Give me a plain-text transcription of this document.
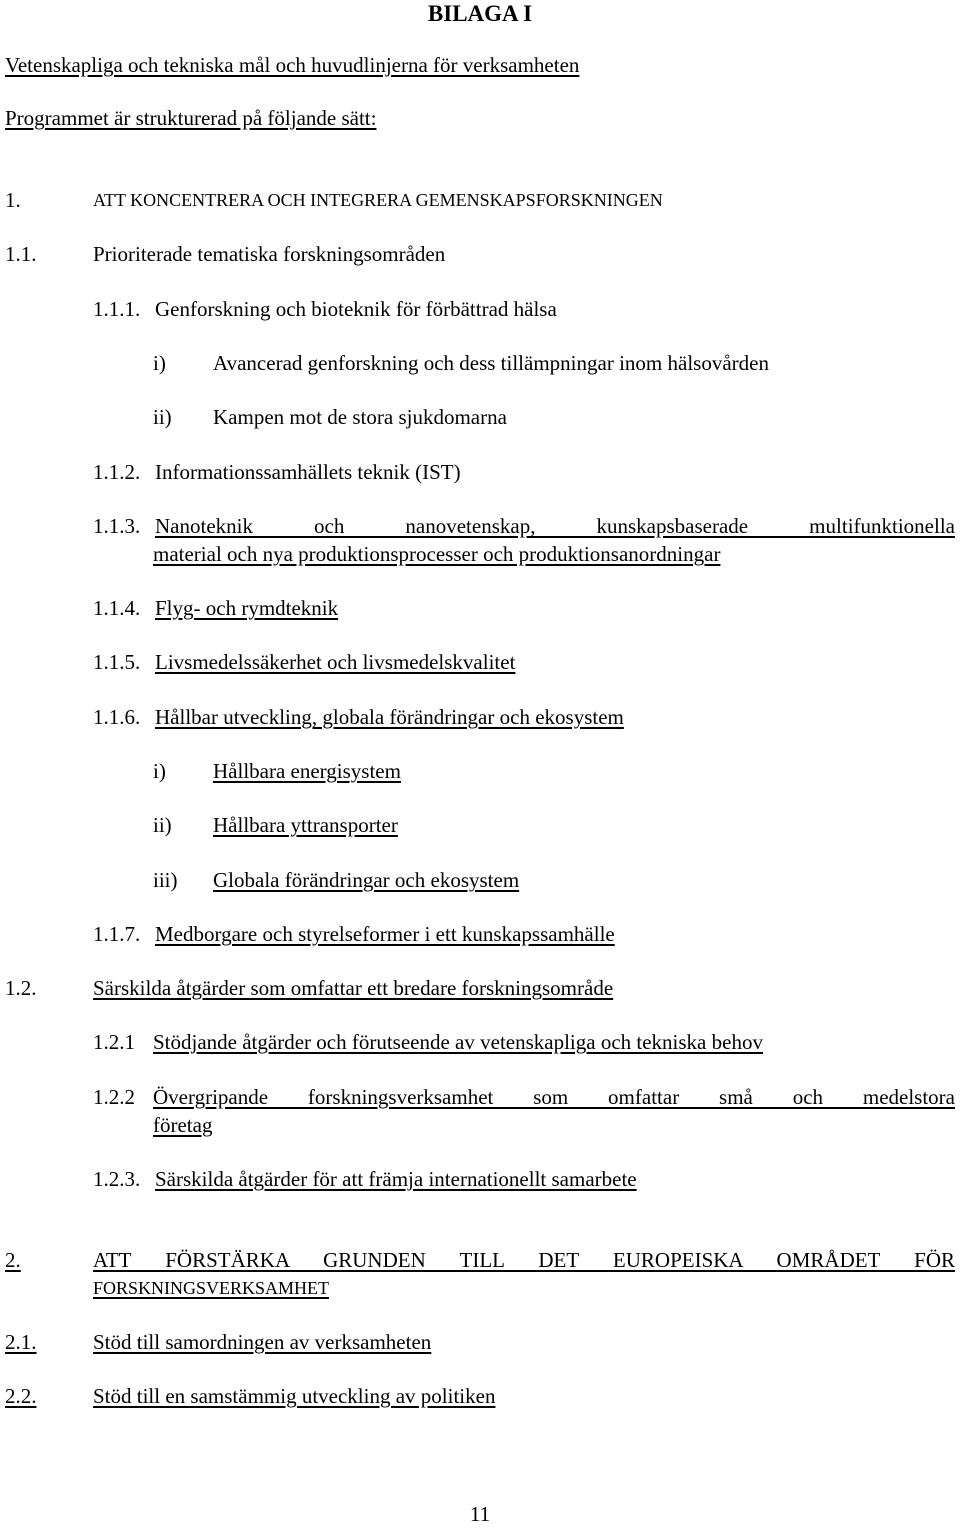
BILAGA I
Vetenskapliga och tekniska mål och huvudlinjerna för verksamheten
Programmet är strukturerad på följande sätt:
1.	ATT KONCENTRERA OCH INTEGRERA GEMENSKAPSFORSKNINGEN
1.1.	Prioriterade tematiska forskningsområden
1.1.1. Genforskning och bioteknik för förbättrad hälsa
i) Avancerad genforskning och dess tillämpningar inom hälsovården
ii) Kampen mot de stora sjukdomarna
1.1.2. Informationssamhällets teknik (IST)
1.1.3. Nanoteknik och nanovetenskap, kunskapsbaserade multifunktionella
material och nya produktionsprocesser och produktionsanordningar
1.1.4. Flyg- och rymdteknik
1.1.5. Livsmedelssäkerhet och livsmedelskvalitet
1.1.6. Hållbar utveckling, globala förändringar och ekosystem
i) Hållbara energisystem
ii) Hållbara yttransporter
iii) Globala förändringar och ekosystem
1.1.7. Medborgare och styrelseformer i ett kunskapssamhälle
1.2.	Särskilda åtgärder som omfattar ett bredare forskningsområde
1.2.1 Stödjande åtgärder och förutseende av vetenskapliga och tekniska behov
1.2.2 Övergripande forskningsverksamhet som omfattar små och medelstora
företag
1.2.3. Särskilda åtgärder för att främja internationellt samarbete
2.	ATT FÖRSTÄRKA GRUNDEN TILL DET EUROPEISKA OMRÅDET FÖR
FORSKNINGSVERKSAMHET
2.1.	Stöd till samordningen av verksamheten
2.2.	Stöd till en samstämmig utveckling av politiken
11
